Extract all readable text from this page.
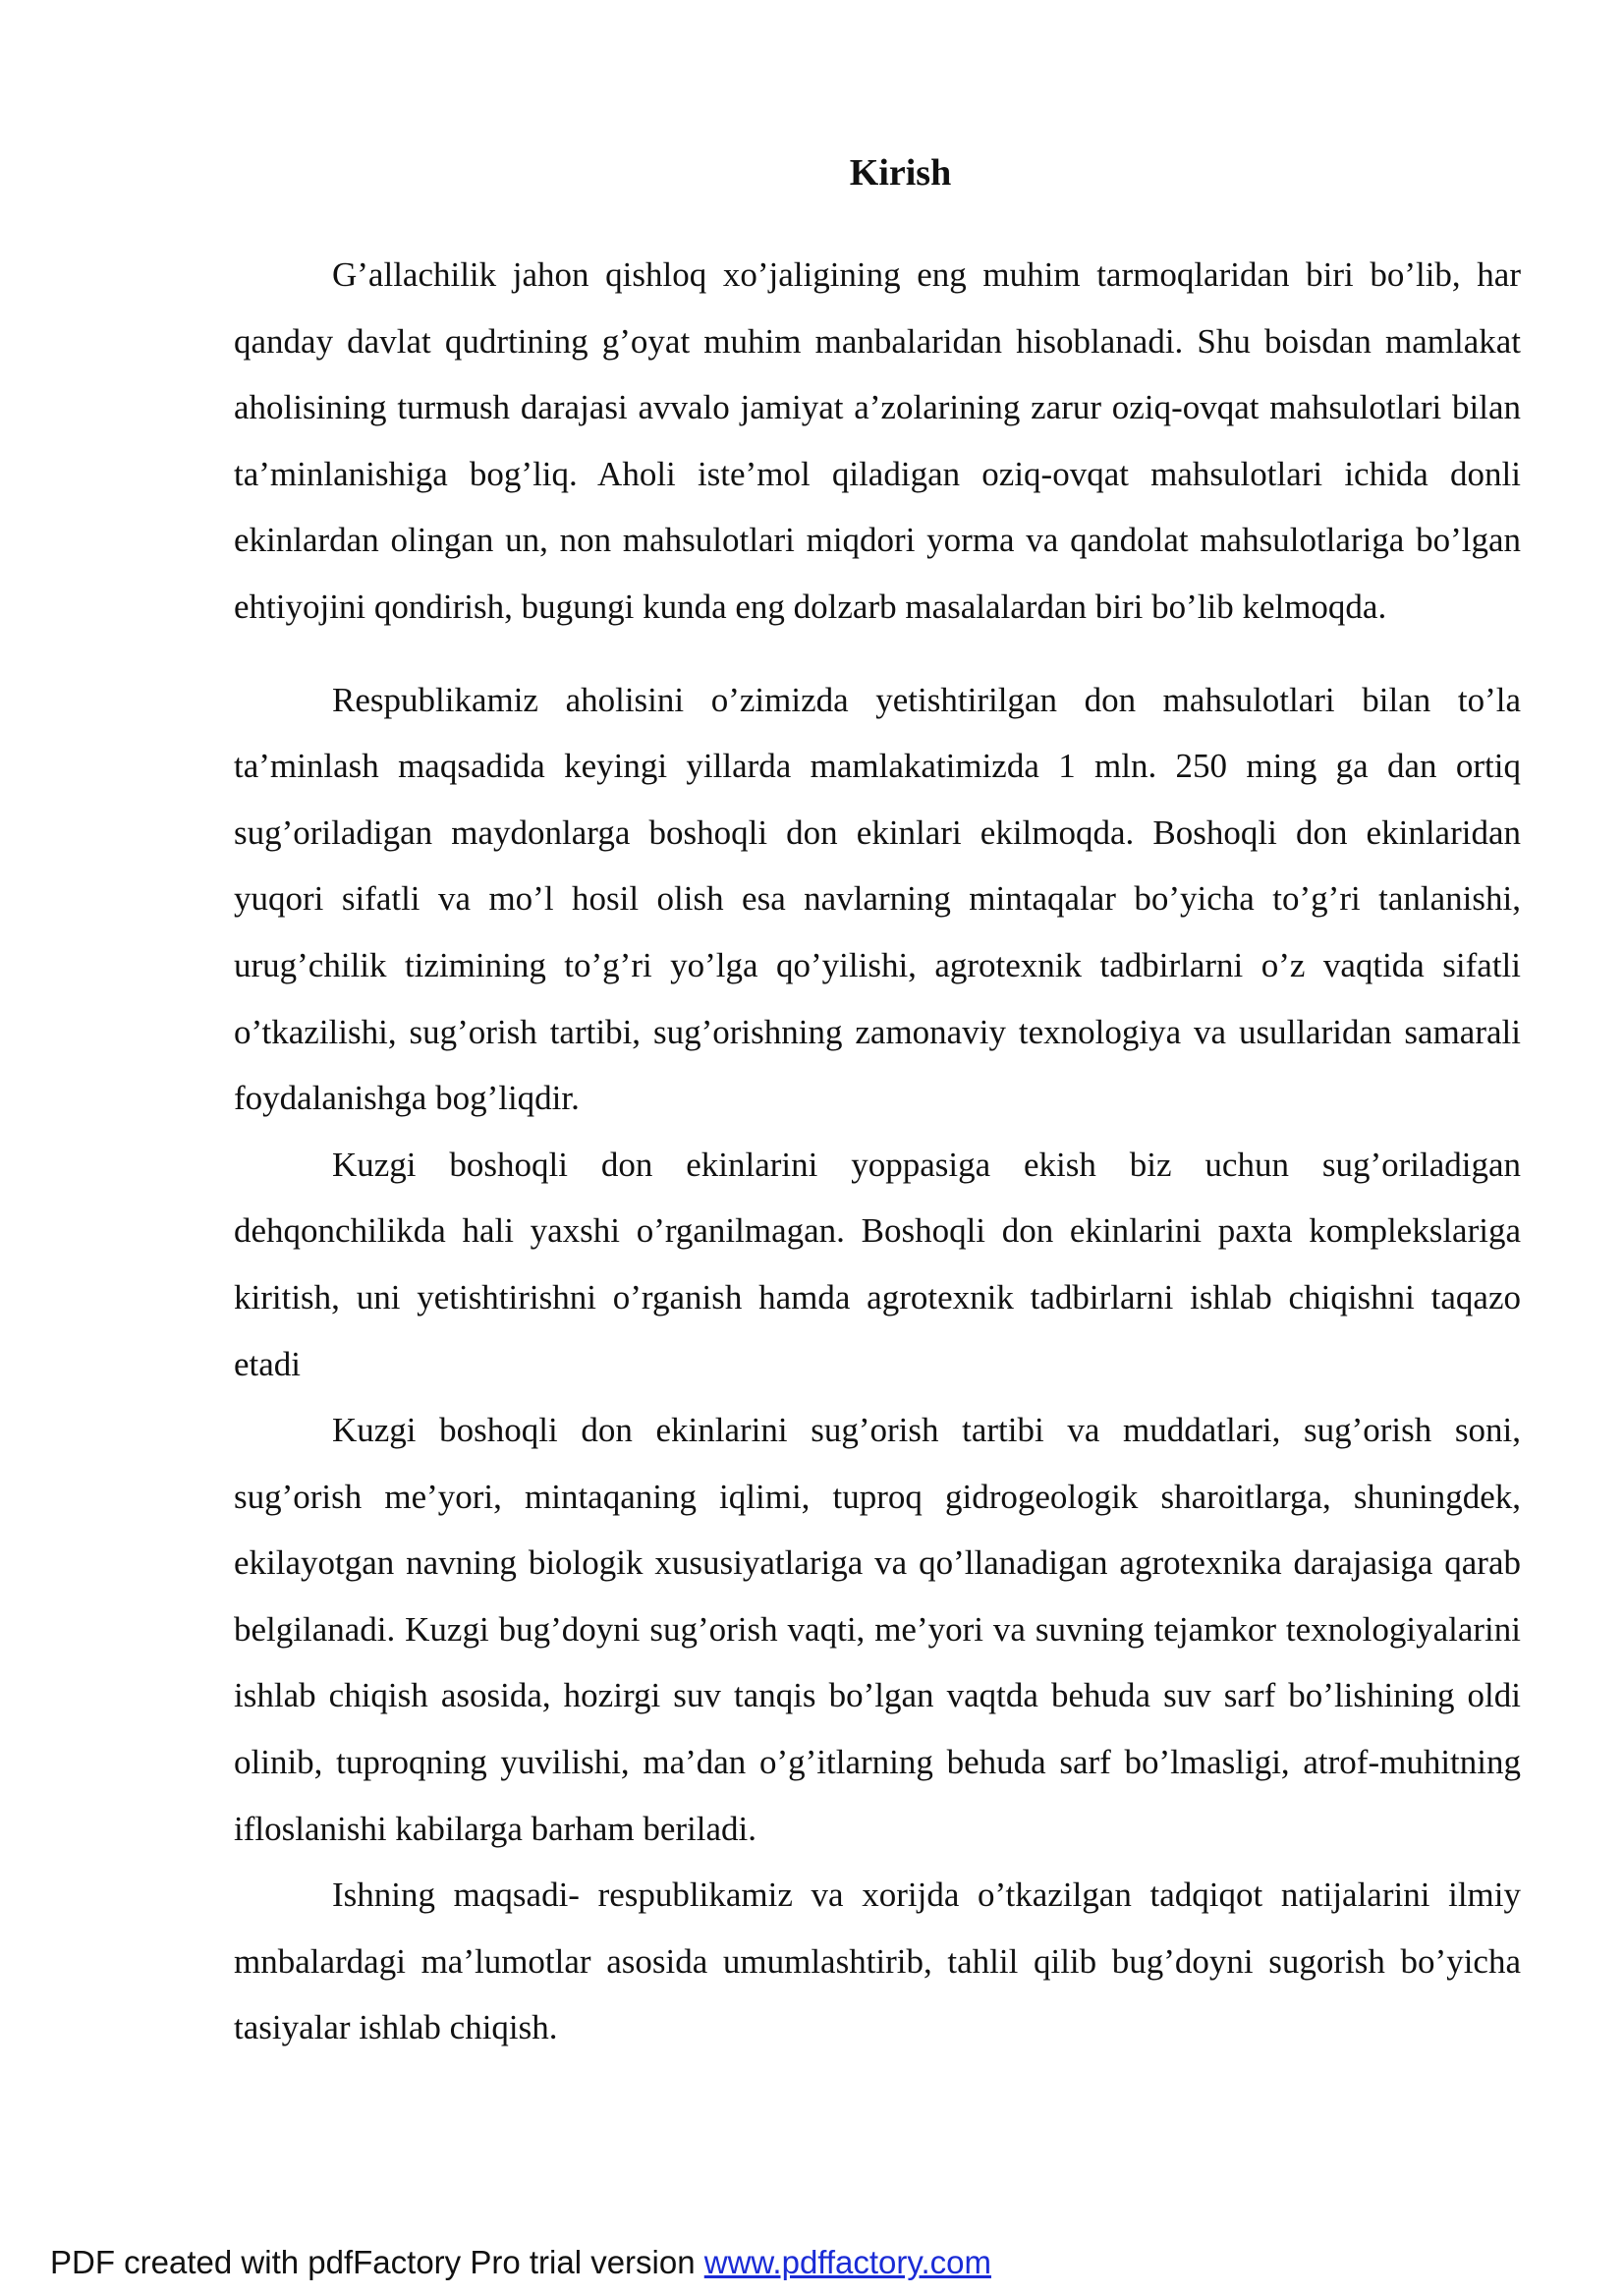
Kirish

G’allachilik jahon qishloq xo’jaligining eng muhim tarmoqlaridan biri bo’lib, har qanday davlat qudrtining g’oyat muhim manbalaridan hisoblanadi. Shu boisdan mamlakat aholisining turmush darajasi avvalo jamiyat a’zolarining zarur oziq-ovqat mahsulotlari bilan ta’minlanishiga bog’liq. Aholi iste’mol qiladigan oziq-ovqat mahsulotlari ichida donli ekinlardan olingan un, non mahsulotlari miqdori yorma va qandolat mahsulotlariga bo’lgan ehtiyojini qondirish, bugungi kunda eng dolzarb masalalardan biri bo’lib kelmoqda.

Respublikamiz aholisini o’zimizda yetishtirilgan don mahsulotlari bilan to’la ta’minlash maqsadida keyingi yillarda mamlakatimizda 1 mln. 250 ming ga dan ortiq sug’oriladigan maydonlarga boshoqli don ekinlari ekilmoqda. Boshoqli don ekinlaridan yuqori sifatli va mo’l hosil olish esa navlarning mintaqalar bo’yicha to’g’ri tanlanishi, urug’chilik tizimining to’g’ri yo’lga qo’yilishi, agrotexnik tadbirlarni o’z vaqtida sifatli o’tkazilishi, sug’orish tartibi, sug’orishning zamonaviy texnologiya va usullaridan samarali foydalanishga bog’liqdir.

Kuzgi boshoqli don ekinlarini yoppasiga ekish biz uchun sug’oriladigan dehqonchilikda hali yaxshi o’rganilmagan. Boshoqli don ekinlarini paxta komplekslariga kiritish, uni yetishtirishni o’rganish hamda agrotexnik tadbirlarni ishlab chiqishni taqazo etadi

Kuzgi boshoqli don ekinlarini sug’orish tartibi va muddatlari, sug’orish soni, sug’orish me’yori, mintaqaning iqlimi, tuproq gidrogeologik sharoitlarga, shuningdek, ekilayotgan navning biologik xususiyatlariga va qo’llanadigan agrotexnika darajasiga qarab belgilanadi. Kuzgi bug’doyni sug’orish vaqti, me’yori va suvning tejamkor texnologiyalarini ishlab chiqish asosida, hozirgi suv tanqis bo’lgan vaqtda behuda suv sarf bo’lishining oldi olinib, tuproqning yuvilishi, ma’dan o’g’itlarning behuda sarf bo’lmasligi, atrof-muhitning ifloslanishi kabilarga barham beriladi.

Ishning maqsadi- respublikamiz va xorijda o’tkazilgan tadqiqot natijalarini ilmiy mnbalardagi ma’lumotlar asosida umumlashtirib, tahlil qilib bug’doyni sugorish bo’yicha tasiyalar ishlab chiqish.

PDF created with pdfFactory Pro trial version www.pdffactory.com
